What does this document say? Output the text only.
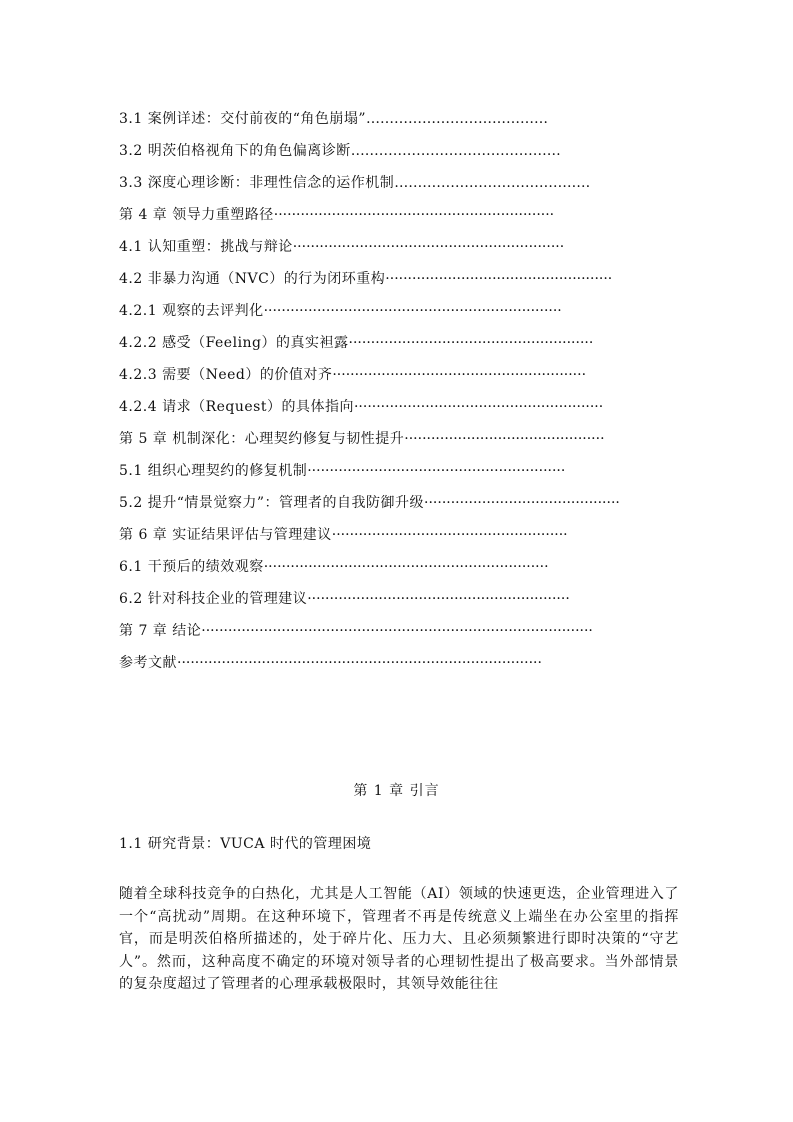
3.1 案例详述：交付前夜的“角色崩塌”…………………………………
3.2 明茨伯格视角下的角色偏离诊断………………………………………
3.3 深度心理诊断：非理性信念的运作机制……………………………………
第 4 章 领导力重塑路径·······························································
4.1 认知重塑：挑战与辩论·····························································
4.2 非暴力沟通（NVC）的行为闭环重构···················································
4.2.1 观察的去评判化···································································
4.2.2 感受（Feeling）的真实袒露·······················································
4.2.3 需要（Need）的价值对齐·························································
4.2.4 请求（Request）的具体指向························································
第 5 章 机制深化：心理契约修复与韧性提升·············································
5.1 组织心理契约的修复机制··························································
5.2 提升“情景觉察力”：管理者的自我防御升级············································
第 6 章 实证结果评估与管理建议·····················································
6.1 干预后的绩效观察································································
6.2 针对科技企业的管理建议···························································
第 7 章 结论························································································
参考文献··················································································
第 1 章 引言
1.1 研究背景：VUCA 时代的管理困境
随着全球科技竞争的白热化，尤其是人工智能（AI）领域的快速更迭，企业管理进入了一个“高扰动”周期。在这种环境下，管理者不再是传统意义上端坐在办公室里的指挥官，而是明茨伯格所描述的，处于碎片化、压力大、且必须频繁进行即时决策的“守艺人”。然而，这种高度不确定的环境对领导者的心理韧性提出了极高要求。当外部情景的复杂度超过了管理者的心理承载极限时，其领导效能往往
